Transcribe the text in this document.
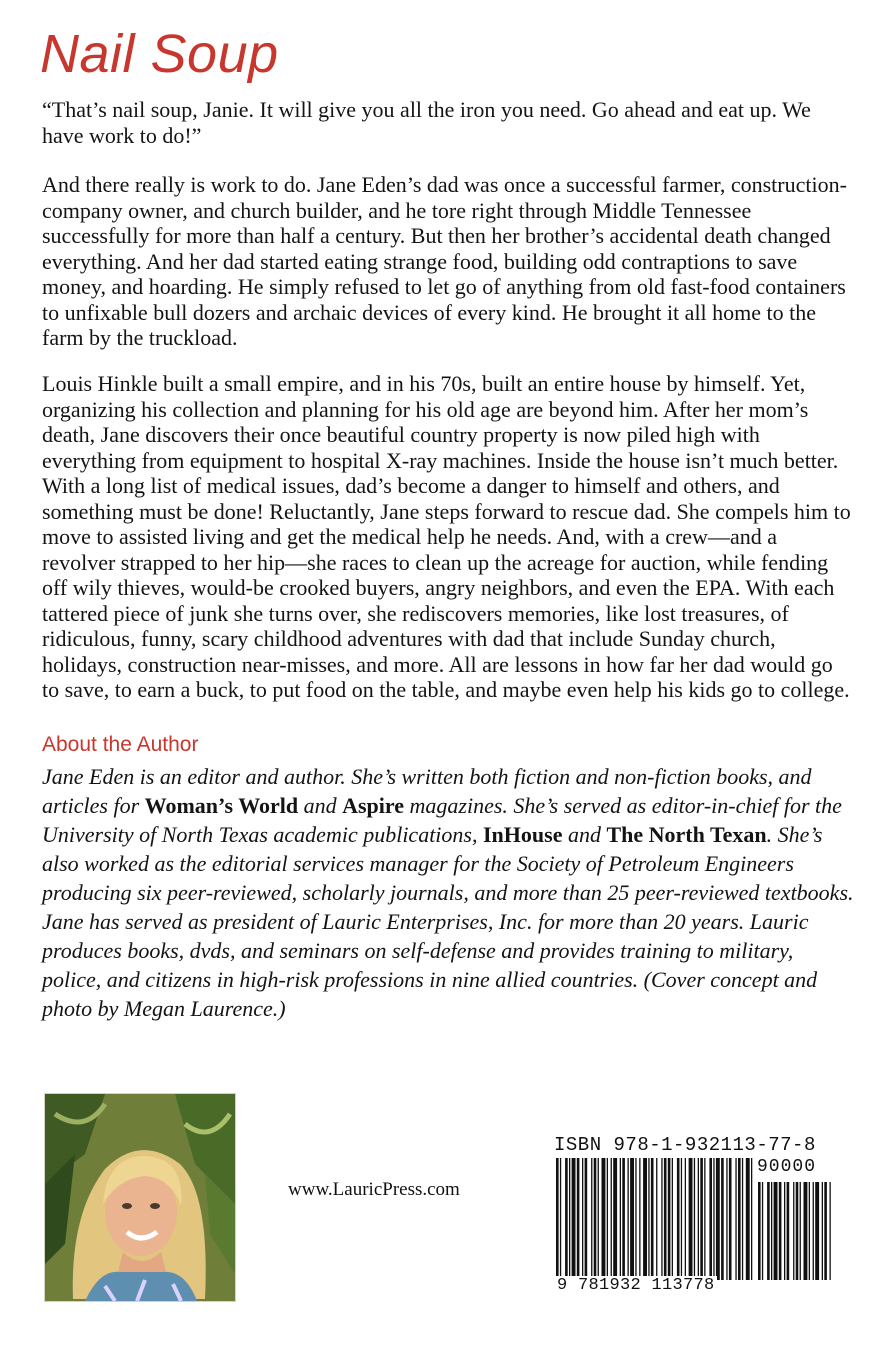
Nail Soup

“That’s nail soup, Janie. It will give you all the iron you need. Go ahead and eat up. We have work to do!”

And there really is work to do. Jane Eden’s dad was once a successful farmer, construction-company owner, and church builder, and he tore right through Middle Tennessee successfully for more than half a century. But then her brother’s accidental death changed everything. And her dad started eating strange food, building odd contraptions to save money, and hoarding. He simply refused to let go of anything from old fast-food containers to unfixable bull dozers and archaic devices of every kind. He brought it all home to the farm by the truckload.

Louis Hinkle built a small empire, and in his 70s, built an entire house by himself. Yet, organizing his collection and planning for his old age are beyond him. After her mom’s death, Jane discovers their once beautiful country property is now piled high with everything from equipment to hospital X-ray machines. Inside the house isn’t much better. With a long list of medical issues, dad’s become a danger to himself and others, and something must be done! Reluctantly, Jane steps forward to rescue dad. She compels him to move to assisted living and get the medical help he needs. And, with a crew—and a revolver strapped to her hip—she races to clean up the acreage for auction, while fending off wily thieves, would-be crooked buyers, angry neighbors, and even the EPA. With each tattered piece of junk she turns over, she rediscovers memories, like lost treasures, of ridiculous, funny, scary childhood adventures with dad that include Sunday church, holidays, construction near-misses, and more. All are lessons in how far her dad would go to save, to earn a buck, to put food on the table, and maybe even help his kids go to college.

About the Author

Jane Eden is an editor and author. She’s written both fiction and non-fiction books, and articles for Woman’s World and Aspire magazines. She’s served as editor-in-chief for the University of North Texas academic publications, InHouse and The North Texan. She’s also worked as the editorial services manager for the Society of Petroleum Engineers producing six peer-reviewed, scholarly journals, and more than 25 peer-reviewed textbooks. Jane has served as president of Lauric Enterprises, Inc. for more than 20 years. Lauric produces books, dvds, and seminars on self-defense and provides training to military, police, and citizens in high-risk professions in nine allied countries. (Cover concept and photo by Megan Laurence.)

www.LauricPress.com

ISBN 978-1-932113-77-8

90000

9 781932 113778
